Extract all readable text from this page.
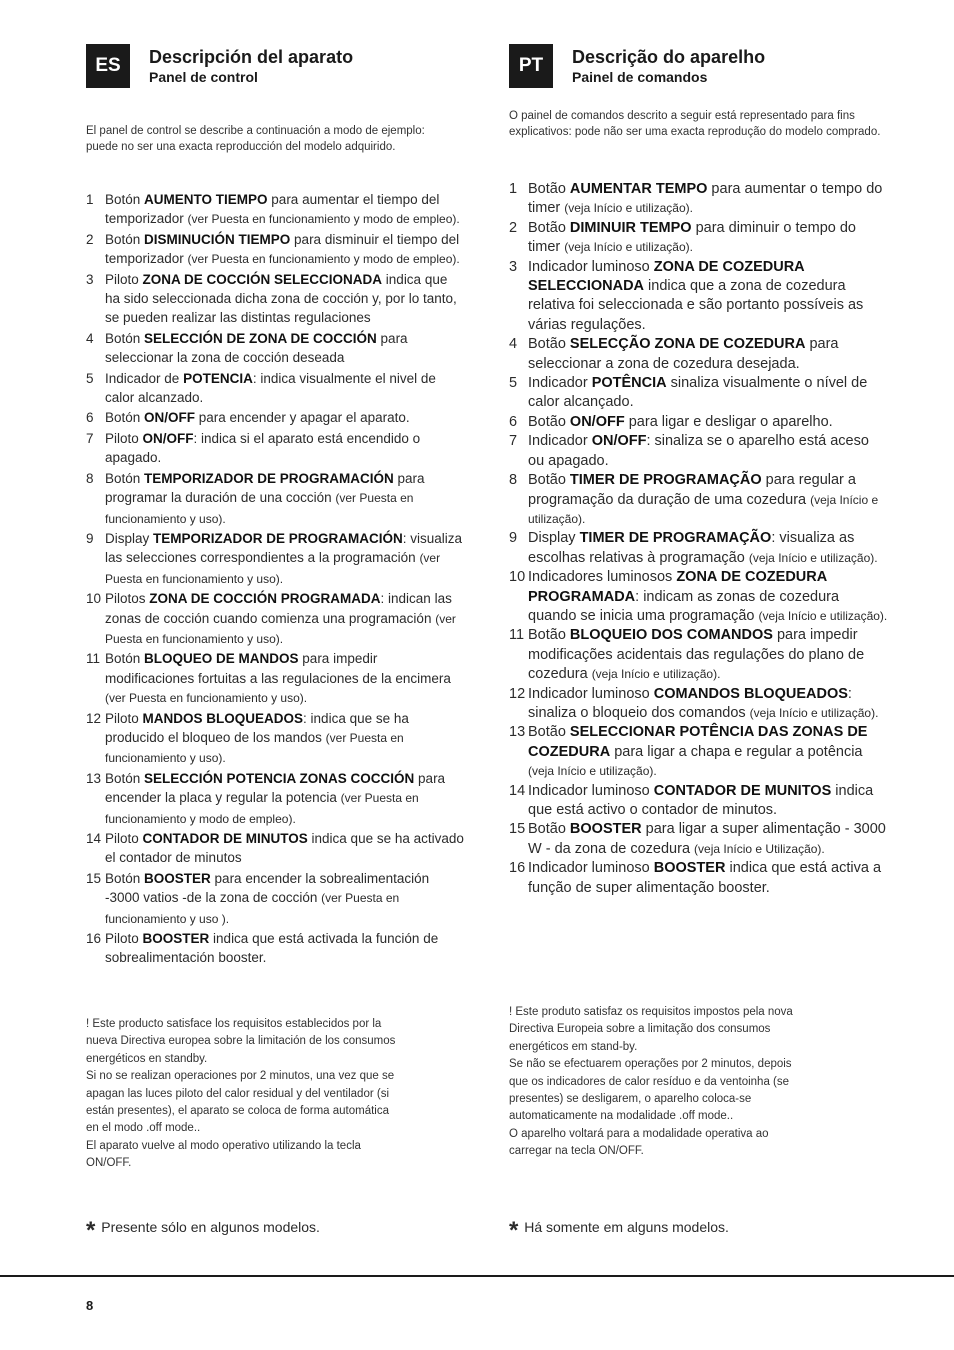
ES	Descripción del aparato
Panel de control
El panel de control se describe a continuación a modo de ejemplo: puede no ser una exacta reproducción del modelo adquirido.
1 Botón AUMENTO TIEMPO para aumentar el tiempo del temporizador (ver Puesta en funcionamiento y modo de empleo).
2 Botón DISMINUCIÓN TIEMPO para disminuir el tiempo del temporizador (ver Puesta en funcionamiento y modo de empleo).
3 Piloto ZONA DE COCCIÓN SELECCIONADA indica que ha sido seleccionada dicha zona de cocción y, por lo tanto, se pueden realizar las distintas regulaciones
4 Botón SELECCIÓN DE ZONA DE COCCIÓN para seleccionar la zona de cocción deseada
5 Indicador de POTENCIA: indica visualmente el nivel de calor alcanzado.
6 Botón ON/OFF para encender y apagar el aparato.
7 Piloto ON/OFF: indica si el aparato está encendido o apagado.
8 Botón TEMPORIZADOR DE PROGRAMACIÓN para programar la duración de una cocción (ver Puesta en funcionamiento y uso).
9 Display TEMPORIZADOR DE PROGRAMACIÓN: visualiza las selecciones correspondientes a la programación (ver Puesta en funcionamiento y uso).
10 Pilotos ZONA DE COCCIÓN PROGRAMADA: indican las zonas de cocción cuando comienza una programación (ver Puesta en funcionamiento y uso).
11 Botón BLOQUEO DE MANDOS para impedir modificaciones fortuitas a las regulaciones de la encimera (ver Puesta en funcionamiento y uso).
12 Piloto MANDOS BLOQUEADOS: indica que se ha producido el bloqueo de los mandos (ver Puesta en funcionamiento y uso).
13 Botón SELECCIÓN POTENCIA ZONAS COCCIÓN para encender la placa y regular la potencia (ver Puesta en funcionamiento y modo de empleo).
14 Piloto CONTADOR DE MINUTOS indica que se ha activado el contador de minutos
15 Botón BOOSTER para encender la sobrealimentación -3000 vatios -de la zona de cocción (ver Puesta en funcionamiento y uso ).
16 Piloto BOOSTER indica que está activada la función de sobrealimentación booster.
! Este producto satisface los requisitos establecidos por la nueva Directiva europea sobre la limitación de los consumos energéticos en standby.
Si no se realizan operaciones por 2 minutos, una vez que se apagan las luces piloto del calor residual y del ventilador (si están presentes), el aparato se coloca de forma automática en el modo .off mode..
El aparato vuelve al modo operativo utilizando la tecla ON/OFF.
* Presente sólo en algunos modelos.
PT	Descrição do aparelho
Painel de comandos
O painel de comandos descrito a seguir está representado para fins explicativos: pode não ser uma exacta reprodução do modelo comprado.
1 Botão AUMENTAR TEMPO para aumentar o tempo do timer (veja Início e utilização).
2 Botão DIMINUIR TEMPO para diminuir o tempo do timer (veja Início e utilização).
3 Indicador luminoso ZONA DE COZEDURA SELECCIONADA indica que a zona de cozedura relativa foi seleccionada e são portanto possíveis as várias regulações.
4 Botão SELECÇÃO ZONA DE COZEDURA para seleccionar a zona de cozedura desejada.
5 Indicador POTÊNCIA sinaliza visualmente o nível de calor alcançado.
6 Botão ON/OFF para ligar e desligar o aparelho.
7 Indicador ON/OFF: sinaliza se o aparelho está aceso ou apagado.
8 Botão TIMER DE PROGRAMAÇÃO para regular a programação da duração de uma cozedura (veja Início e utilização).
9 Display TIMER DE PROGRAMAÇÃO: visualiza as escolhas relativas à programação (veja Início e utilização).
10 Indicadores luminosos ZONA DE COZEDURA PROGRAMADA: indicam as zonas de cozedura quando se inicia uma programação (veja Início e utilização).
11 Botão BLOQUEIO DOS COMANDOS para impedir modificações acidentais das regulações do plano de cozedura (veja Início e utilização).
12 Indicador luminoso COMANDOS BLOQUEADOS: sinaliza o bloqueio dos comandos (veja Início e utilização).
13 Botão SELECCIONAR POTÊNCIA DAS ZONAS DE COZEDURA para ligar a chapa e regular a potência (veja Início e utilização).
14 Indicador luminoso CONTADOR DE MUNITOS indica que está activo o contador de minutos.
15 Botão BOOSTER para ligar a super alimentação - 3000 W - da zona de cozedura (veja Início e Utilização).
16 Indicador luminoso BOOSTER indica que está activa a função de super alimentação booster.
! Este produto satisfaz os requisitos impostos pela nova Directiva Europeia sobre a limitação dos consumos energéticos em stand-by.
Se não se efectuarem operações por 2 minutos, depois que os indicadores de calor resíduo e da ventoinha (se presentes) se desligarem, o aparelho coloca-se automaticamente na modalidade .off mode..
O aparelho voltará para a modalidade operativa ao carregar na tecla ON/OFF.
* Há somente em alguns modelos.
8
